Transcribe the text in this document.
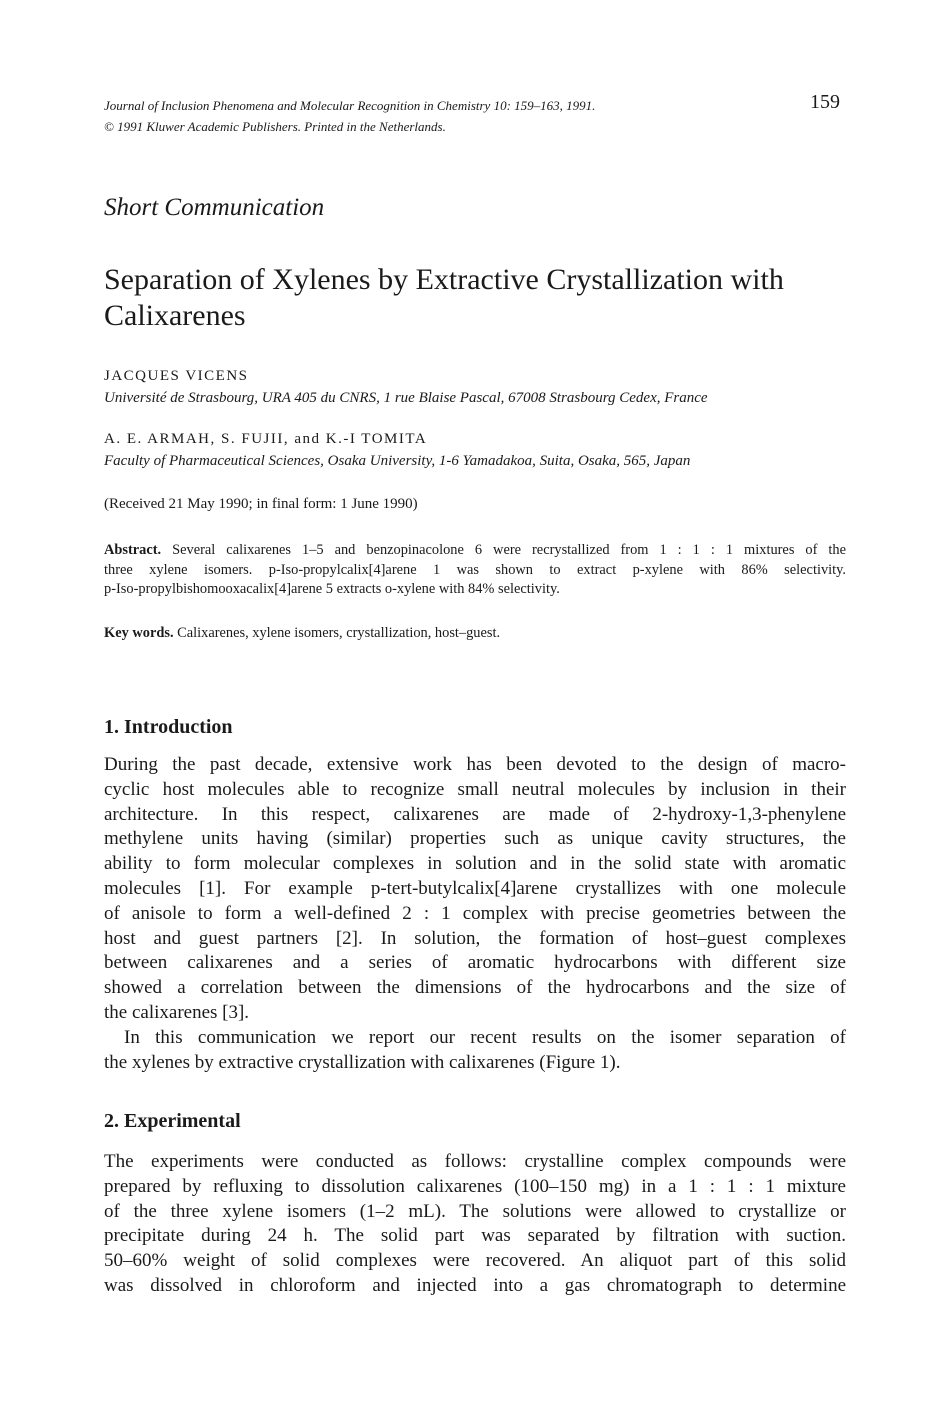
Journal of Inclusion Phenomena and Molecular Recognition in Chemistry 10: 159–163, 1991.
© 1991 Kluwer Academic Publishers. Printed in the Netherlands.
159
Short Communication
Separation of Xylenes by Extractive Crystallization with
Calixarenes
JACQUES VICENS
Université de Strasbourg, URA 405 du CNRS, 1 rue Blaise Pascal, 67008 Strasbourg Cedex, France
A. E. ARMAH, S. FUJII, and K.-I TOMITA
Faculty of Pharmaceutical Sciences, Osaka University, 1-6 Yamadakoa, Suita, Osaka, 565, Japan
(Received 21 May 1990; in final form: 1 June 1990)
Abstract. Several calixarenes 1–5 and benzopinacolone 6 were recrystallized from 1 : 1 : 1 mixtures of the
three xylene isomers. p-Iso-propylcalix[4]arene 1 was shown to extract p-xylene with 86% selectivity.
p-Iso-propylbishomooxacalix[4]arene 5 extracts o-xylene with 84% selectivity.
Key words. Calixarenes, xylene isomers, crystallization, host–guest.
1. Introduction
During the past decade, extensive work has been devoted to the design of macro-
cyclic host molecules able to recognize small neutral molecules by inclusion in their
architecture. In this respect, calixarenes are made of 2-hydroxy-1,3-phenylene
methylene units having (similar) properties such as unique cavity structures, the
ability to form molecular complexes in solution and in the solid state with aromatic
molecules [1]. For example p-tert-butylcalix[4]arene crystallizes with one molecule
of anisole to form a well-defined 2 : 1 complex with precise geometries between the
host and guest partners [2]. In solution, the formation of host–guest complexes
between calixarenes and a series of aromatic hydrocarbons with different size
showed a correlation between the dimensions of the hydrocarbons and the size of
the calixarenes [3].
In this communication we report our recent results on the isomer separation of
the xylenes by extractive crystallization with calixarenes (Figure 1).
2. Experimental
The experiments were conducted as follows: crystalline complex compounds were
prepared by refluxing to dissolution calixarenes (100–150 mg) in a 1 : 1 : 1 mixture
of the three xylene isomers (1–2 mL). The solutions were allowed to crystallize or
precipitate during 24 h. The solid part was separated by filtration with suction.
50–60% weight of solid complexes were recovered. An aliquot part of this solid
was dissolved in chloroform and injected into a gas chromatograph to determine
